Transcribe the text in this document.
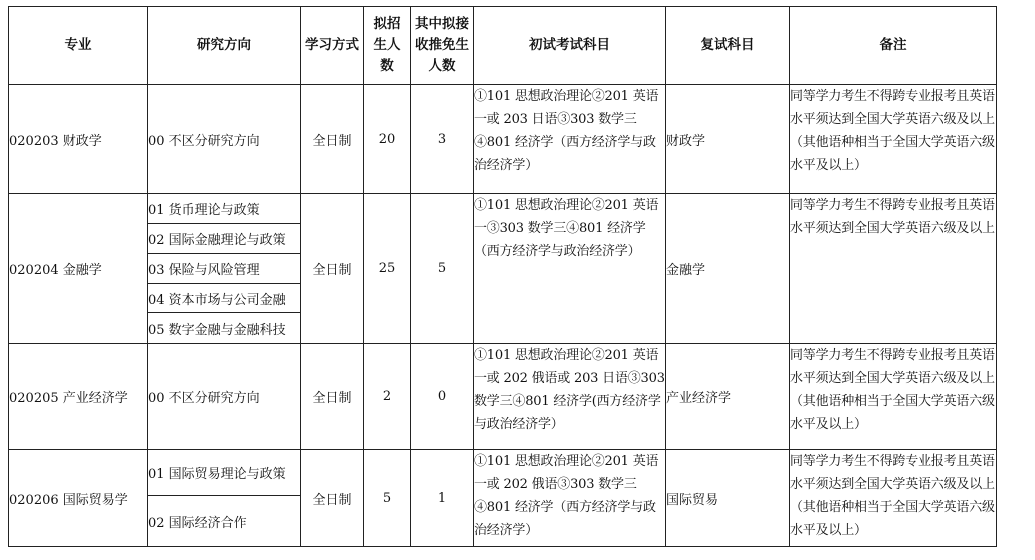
专业	研究方向	学习方式	拟招生人数	其中拟接收推免生人数	初试考试科目	复试科目	备注
020203 财政学	00 不区分研究方向	全日制	20	3	①101 思想政治理论②201 英语一或 203 日语③303 数学三④801 经济学（西方经济学与政治经济学）	财政学	同等学力考生不得跨专业报考且英语水平须达到全国大学英语六级及以上（其他语种相当于全国大学英语六级水平及以上）
020204 金融学	01 货币理论与政策	全日制	25	5	①101 思想政治理论②201 英语一③303 数学三④801 经济学（西方经济学与政治经济学）	金融学	同等学力考生不得跨专业报考且英语水平须达到全国大学英语六级及以上
	02 国际金融理论与政策						
	03 保险与风险管理						
	04 资本市场与公司金融						
	05 数字金融与金融科技						
020205 产业经济学	00 不区分研究方向	全日制	2	0	①101 思想政治理论②201 英语一或 202 俄语或 203 日语③303 数学三④801 经济学(西方经济学与政治经济学）	产业经济学	同等学力考生不得跨专业报考且英语水平须达到全国大学英语六级及以上（其他语种相当于全国大学英语六级水平及以上）
020206 国际贸易学	01 国际贸易理论与政策	全日制	5	1	①101 思想政治理论②201 英语一或 202 俄语③303 数学三④801 经济学（西方经济学与政治经济学）	国际贸易	同等学力考生不得跨专业报考且英语水平须达到全国大学英语六级及以上（其他语种相当于全国大学英语六级水平及以上）
	02 国际经济合作						
